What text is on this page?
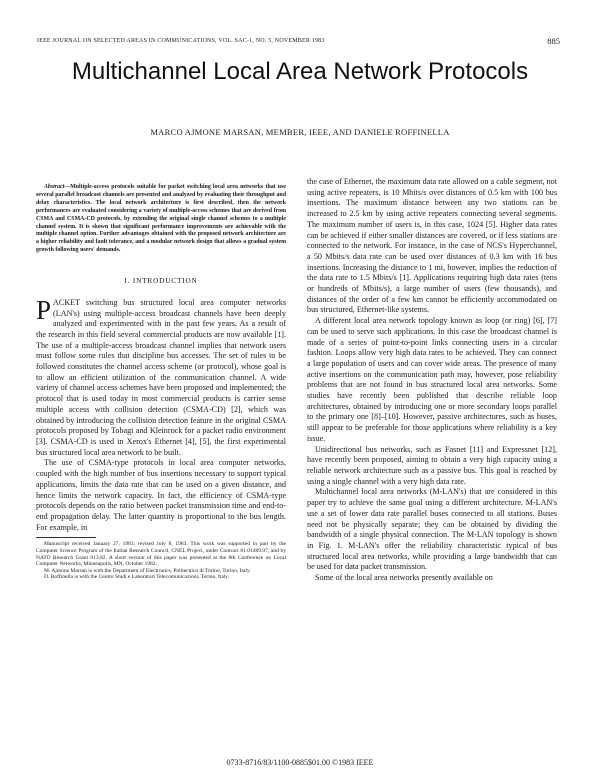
IEEE JOURNAL ON SELECTED AREAS IN COMMUNICATIONS, VOL. SAC-1, NO. 5, NOVEMBER 1983	885
Multichannel Local Area Network Protocols
MARCO AJMONE MARSAN, MEMBER, IEEE, AND DANIELE ROFFINELLA

Abstract—Multiple-access protocols suitable for packet switching local area networks that use several parallel broadcast channels are presented and analyzed by evaluating their throughput and delay characteristics. The local network architecture is first described, then the network performances are evaluated considering a variety of multiple-access schemes that are derived from CSMA and CSMA-CD protocols, by extending the original single channel schemes to a multiple channel system. It is shown that significant performance improvements are achievable with the multiple channel option. Further advantages obtained with the proposed network architecture are a higher reliability and fault tolerance, and a modular network design that allows a gradual system growth following users' demands.

I. INTRODUCTION

PACKET switching bus structured local area computer networks (LAN's) using multiple-access broadcast channels have been deeply analyzed and experimented with in the past few years. As a result of the research in this field several commercial products are now available [1]. The use of a multiple-access broadcast channel implies that network users must follow some rules that discipline bus accesses. The set of rules to be followed constitutes the channel access scheme (or protocol), whose goal is to allow an efficient utilization of the communication channel. A wide variety of channel access schemes have been proposed and implemented; the protocol that is used today in most commercial products is carrier sense multiple access with collision detection (CSMA-CD) [2], which was obtained by introducing the collision detection feature in the original CSMA protocols proposed by Tobagi and Kleinrock for a packet radio environment [3]. CSMA-CD is used in Xerox's Ethernet [4], [5], the first experimental bus structured local area network to be built.

The use of CSMA-type protocols in local area computer networks, coupled with the high number of bus insertions necessary to support typical applications, limits the data rate that can be used on a given distance, and hence limits the network capacity. In fact, the efficiency of CSMA-type protocols depends on the ratio between packet transmission time and end-to-end propagation delay. The latter quantity is proportional to the bus length. For example, in

Manuscript received January 27, 1983; revised July 8, 1983. This work was supported in part by the Computer Science Program of the Italian Research Council, CNEL Project, under Contract 81.01489.97, and by NATO Research Grant 013.82. A short version of this paper was presented at the 8th Conference on Local Computer Networks, Minneapolis, MN, October 1982.

M. Ajmone Marsan is with the Department of Electronics, Politecnico di Torino, Torino, Italy.

D. Roffinella is with the Centro Studi e Laboratori Telecomunicazioni, Torino, Italy.

the case of Ethernet, the maximum data rate allowed on a cable segment, not using active repeaters, is 10 Mbits/s over distances of 0.5 km with 100 bus insertions. The maximum distance between any two stations can be increased to 2.5 km by using active repeaters connecting several segments. The maximum number of users is, in this case, 1024 [5]. Higher data rates can be achieved if either smaller distances are covered, or if less stations are connected to the network. For instance, in the case of NCS's Hyperchannel, a 50 Mbits/s data rate can be used over distances of 0.3 km with 16 bus insertions. Increasing the distance to 1 mi, however, implies the reduction of the data rate to 1.5 Mbits/s [1]. Applications requiring high data rates (tens or hundreds of Mbits/s), a large number of users (few thousands), and distances of the order of a few km cannot be efficiently accommodated on bus structured, Ethernet-like systems.

A different local area network topology known as loop (or ring) [6], [7] can be used to serve such applications. In this case the broadcast channel is made of a series of point-to-point links connecting users in a circular fashion. Loops allow very high data rates to be achieved. They can connect a large population of users and can cover wide areas. The presence of many active insertions on the communication path may, however, pose reliability problems that are not found in bus structured local area networks. Some studies have recently been published that describe reliable loop architectures, obtained by introducing one or more secondary loops parallel to the primary one [8]–[10]. However, passive architectures, such as buses, still appear to be preferable for those applications where reliability is a key issue.

Unidirectional bus networks, such as Fasnet [11] and Expressnet [12], have recently been proposed, aiming to obtain a very high capacity using a reliable network architecture such as a passive bus. This goal is reached by using a single channel with a very high data rate.

Multichannel local area networks (M-LAN's) that are considered in this paper try to achieve the same goal using a different architecture. M-LAN's use a set of lower data rate parallel buses connected to all stations. Buses need not be physically separate; they can be obtained by dividing the bandwidth of a single physical connection. The M-LAN topology is shown in Fig. 1. M-LAN's offer the reliability characteristic typical of bus structured local area networks, while providing a large bandwidth that can be used for data packet transmission.

Some of the local area networks presently available on

0733-8716/83/1100-0885$01.00 ©1983 IEEE
